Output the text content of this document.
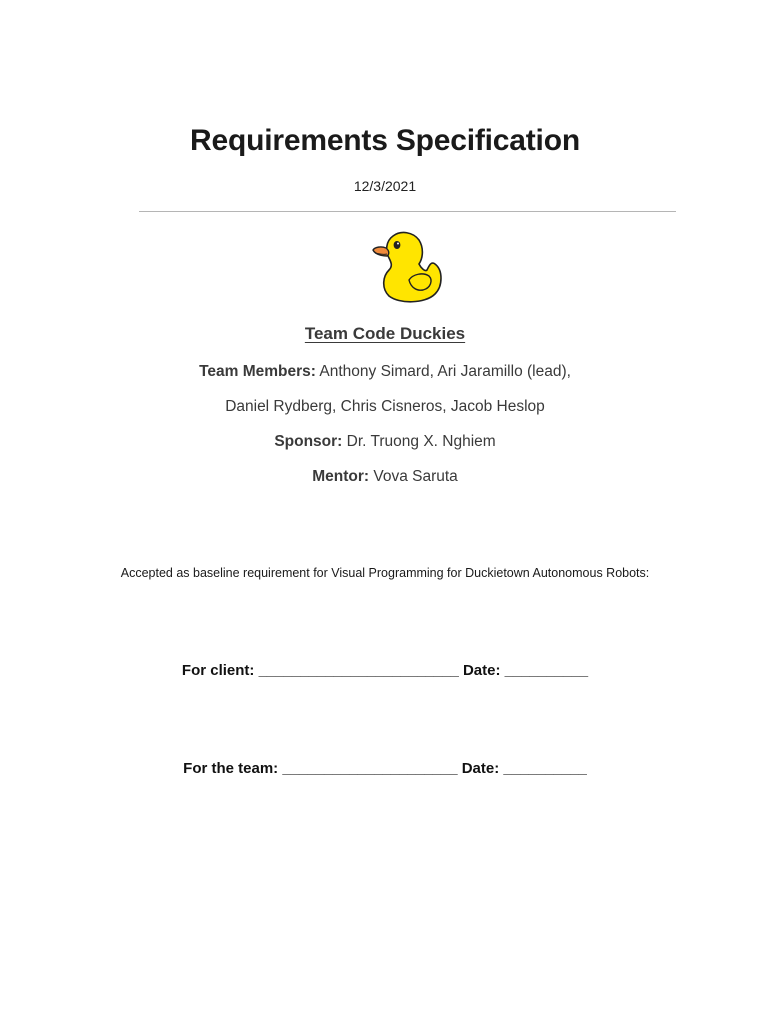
Requirements Specification
12/3/2021
Team Code Duckies
Team Members: Anthony Simard, Ari Jaramillo (lead),
Daniel Rydberg, Chris Cisneros, Jacob Heslop
Sponsor: Dr. Truong X. Nghiem
Mentor: Vova Saruta
Accepted as baseline requirement for Visual Programming for Duckietown Autonomous Robots:
For client: ________________________ Date: __________
For the team: _____________________ Date: __________
